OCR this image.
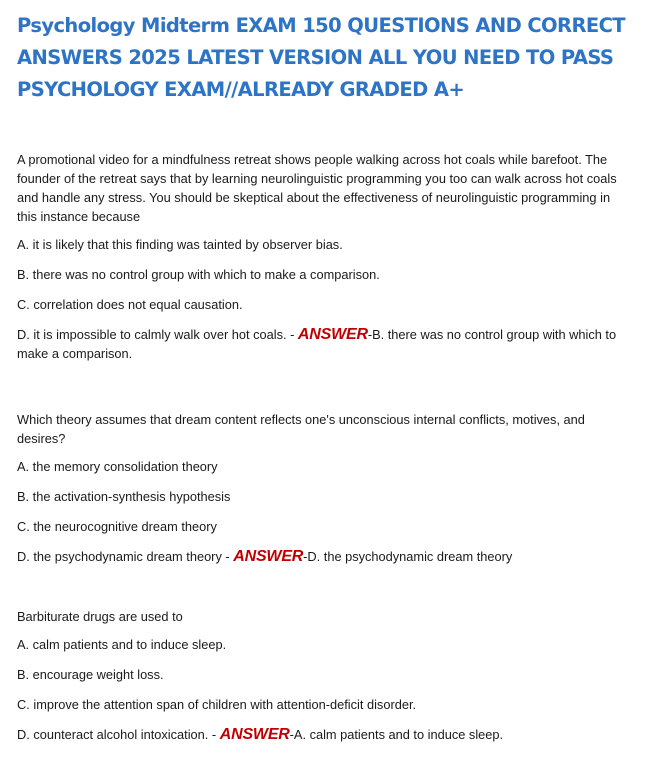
Psychology Midterm EXAM 150 QUESTIONS AND CORRECT
ANSWERS 2025 LATEST VERSION ALL YOU NEED TO PASS
PSYCHOLOGY EXAM//ALREADY GRADED A+

A promotional video for a mindfulness retreat shows people walking across hot coals while barefoot. The founder of the retreat says that by learning neurolinguistic programming you too can walk across hot coals and handle any stress. You should be skeptical about the effectiveness of neurolinguistic programming in this instance because

A. it is likely that this finding was tainted by observer bias.

B. there was no control group with which to make a comparison.

C. correlation does not equal causation.

D. it is impossible to calmly walk over hot coals. - ANSWER-B. there was no control group with which to make a comparison.

Which theory assumes that dream content reflects one's unconscious internal conflicts, motives, and desires?

A. the memory consolidation theory

B. the activation-synthesis hypothesis

C. the neurocognitive dream theory

D. the psychodynamic dream theory - ANSWER-D. the psychodynamic dream theory

Barbiturate drugs are used to

A. calm patients and to induce sleep.

B. encourage weight loss.

C. improve the attention span of children with attention-deficit disorder.

D. counteract alcohol intoxication. - ANSWER-A. calm patients and to induce sleep.
